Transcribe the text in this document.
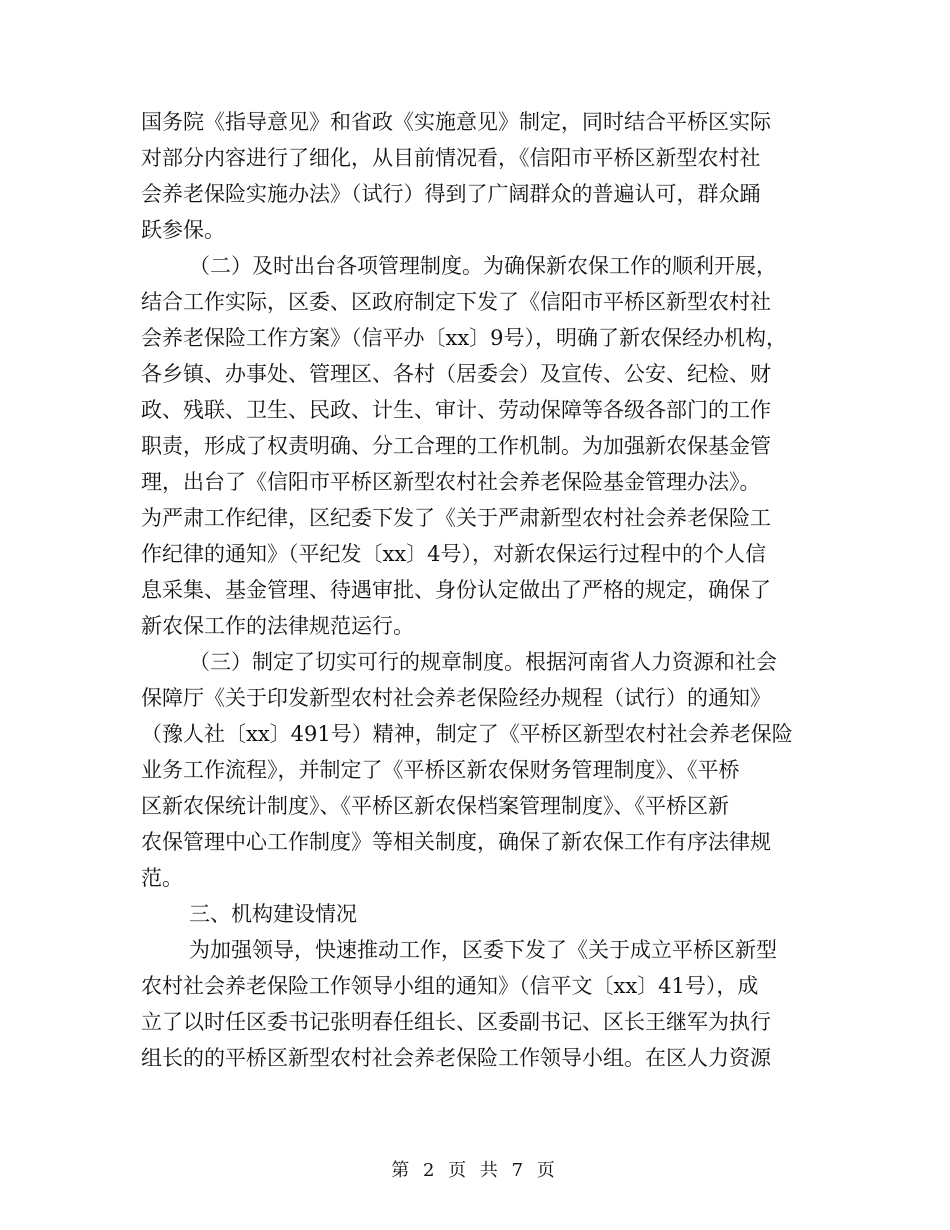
国务院《指导意见》和省政《实施意见》制定，同时结合平桥区实际
对部分内容进行了细化，从目前情况看，《信阳市平桥区新型农村社
会养老保险实施办法》（试行）得到了广阔群众的普遍认可，群众踊
跃参保。
（二）及时出台各项管理制度。为确保新农保工作的顺利开展，
结合工作实际，区委、区政府制定下发了《信阳市平桥区新型农村社
会养老保险工作方案》（信平办〔xx〕9号），明确了新农保经办机构，
各乡镇、办事处、管理区、各村（居委会）及宣传、公安、纪检、财
政、残联、卫生、民政、计生、审计、劳动保障等各级各部门的工作
职责，形成了权责明确、分工合理的工作机制。为加强新农保基金管
理，出台了《信阳市平桥区新型农村社会养老保险基金管理办法》。
为严肃工作纪律，区纪委下发了《关于严肃新型农村社会养老保险工
作纪律的通知》（平纪发〔xx〕4号），对新农保运行过程中的个人信
息采集、基金管理、待遇审批、身份认定做出了严格的规定，确保了
新农保工作的法律规范运行。
（三）制定了切实可行的规章制度。根据河南省人力资源和社会
保障厅《关于印发新型农村社会养老保险经办规程（试行）的通知》
（豫人社〔xx〕491号）精神，制定了《平桥区新型农村社会养老保险
业务工作流程》，并制定了《平桥区新农保财务管理制度》、《平桥
区新农保统计制度》、《平桥区新农保档案管理制度》、《平桥区新
农保管理中心工作制度》等相关制度，确保了新农保工作有序法律规
范。
三、机构建设情况
为加强领导，快速推动工作，区委下发了《关于成立平桥区新型
农村社会养老保险工作领导小组的通知》（信平文〔xx〕41号），成
立了以时任区委书记张明春任组长、区委副书记、区长王继军为执行
组长的的平桥区新型农村社会养老保险工作领导小组。在区人力资源
第 2 页 共 7 页
